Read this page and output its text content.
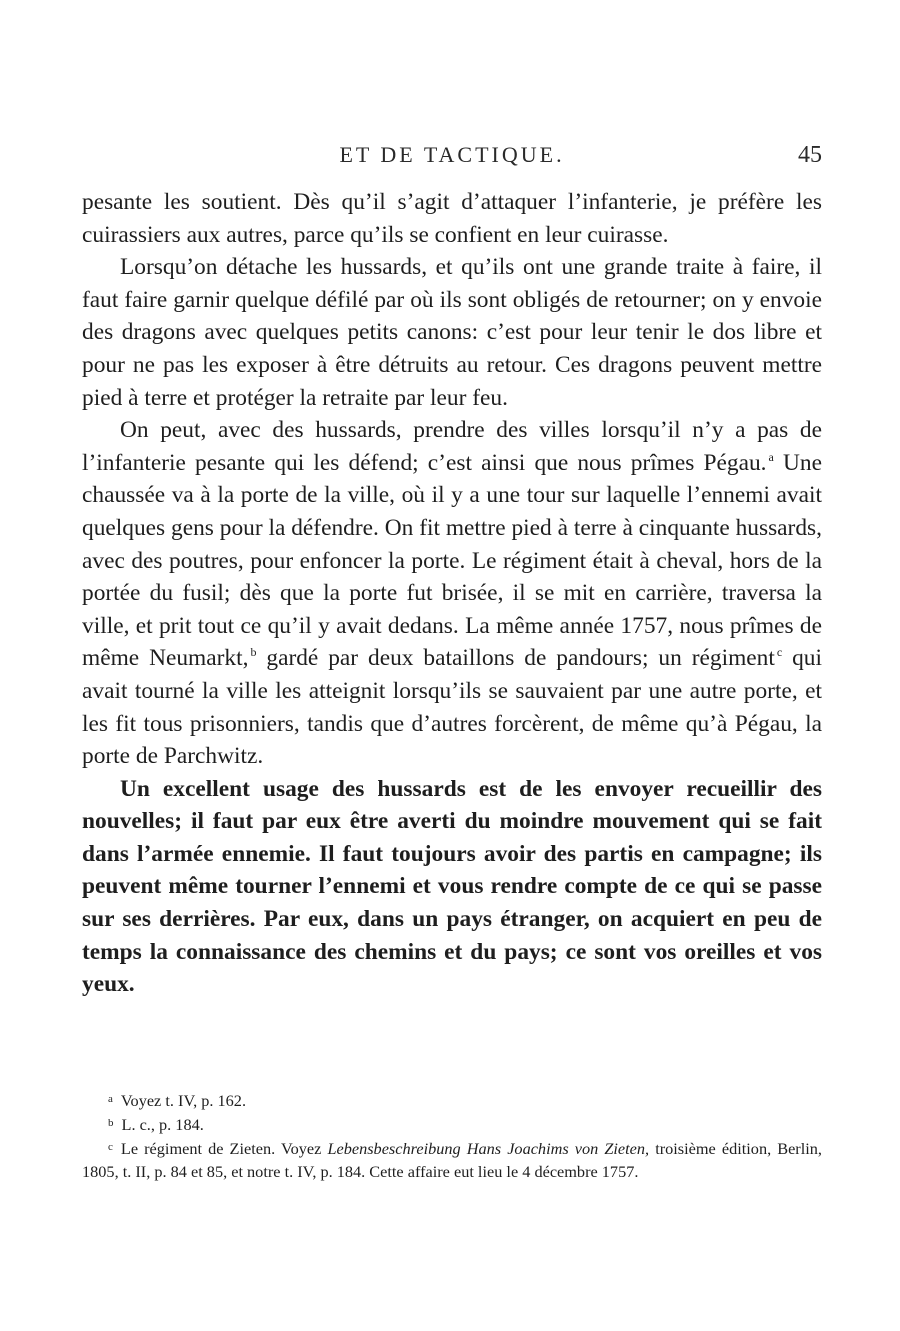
ET DE TACTIQUE.	45

pesante les soutient. Dès qu’il s’agit d’attaquer l’infanterie, je préfère les cuirassiers aux autres, parce qu’ils se confient en leur cuirasse.

Lorsqu’on détache les hussards, et qu’ils ont une grande traite à faire, il faut faire garnir quelque défilé par où ils sont obligés de retourner; on y envoie des dragons avec quelques petits canons: c’est pour leur tenir le dos libre et pour ne pas les exposer à être détruits au retour. Ces dragons peuvent mettre pied à terre et protéger la retraite par leur feu.

On peut, avec des hussards, prendre des villes lorsqu’il n’y a pas de l’infanterie pesante qui les défend; c’est ainsi que nous prîmes Pégau. $^a$ Une chaussée va à la porte de la ville, où il y a une tour sur laquelle l’ennemi avait quelques gens pour la défendre. On fit mettre pied à terre à cinquante hussards, avec des poutres, pour enfoncer la porte. Le régiment était à cheval, hors de la portée du fusil; dès que la porte fut brisée, il se mit en carrière, traversa la ville, et prit tout ce qu’il y avait dedans. La même année 1757, nous prîmes de même Neumarkt, $^b$ gardé par deux bataillons de pandours; un régiment $^c$ qui avait tourné la ville les atteignit lorsqu’ils se sauvaient par une autre porte, et les fit tous prisonniers, tandis que d’autres forcèrent, de même qu’à Pégau, la porte de Parchwitz.

Un excellent usage des hussards est de les envoyer recueillir des nouvelles; il faut par eux être averti du moindre mouvement qui se fait dans l’armée ennemie. Il faut toujours avoir des partis en campagne; ils peuvent même tourner l’ennemi et vous rendre compte de ce qui se passe sur ses derrières. Par eux, dans un pays étranger, on acquiert en peu de temps la connaissance des chemins et du pays; ce sont vos oreilles et vos yeux.

$^a$ Voyez t. IV, p. 162.

$^b$ L. c., p. 184.

$^c$ Le régiment de Zieten. Voyez Lebensbeschreibung Hans Joachims von Zieten, troisième édition, Berlin, 1805, t. II, p. 84 et 85, et notre t. IV, p. 184. Cette affaire eut lieu le 4 décembre 1757.
